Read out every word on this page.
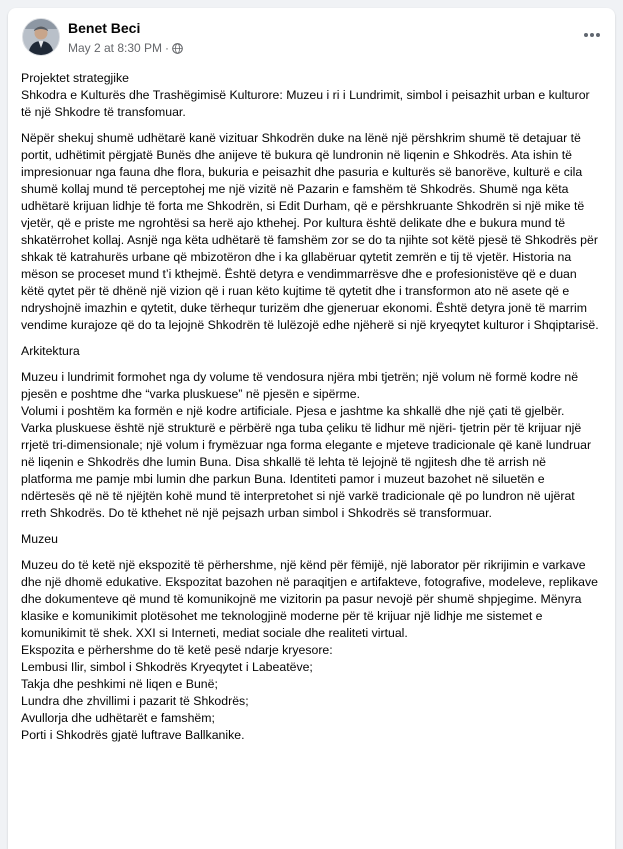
Benet Beci
May 2 at 8:30 PM ·

Projektet strategjike

Shkodra e Kulturës dhe Trashëgimisë Kulturore: Muzeu i ri i Lundrimit, simbol i peisazhit urban e kulturor të një Shkodre të transfomuar.

Nëpër shekuj shumë udhëtarë kanë vizituar Shkodrën duke na lënë një përshkrim shumë të detajuar të portit, udhëtimit përgjatë Bunës dhe anijeve të bukura që lundronin në liqenin e Shkodrës. Ata ishin të impresionuar nga fauna dhe flora, bukuria e peisazhit dhe pasuria e kulturës së banorëve, kulturë e cila shumë kollaj mund të perceptohej me një vizitë në Pazarin e famshëm të Shkodrës. Shumë nga këta udhëtarë krijuan lidhje të forta me Shkodrën, si Edit Durham, që e përshkruante Shkodrën si një mike të vjetër, që e priste me ngrohtësi sa herë ajo kthehej. Por kultura është delikate dhe e bukura mund të shkatërrohet kollaj. Asnjë nga këta udhëtarë të famshëm zor se do ta njihte sot këtë pjesë të Shkodrës për shkak të katrahurës urbane që mbizotëron dhe i ka gllabëruar qytetit zemrën e tij të vjetër. Historia na mëson se proceset mund t’i kthejmë. Është detyra e vendimmarrësve dhe e profesionistëve që e duan këtë qytet për të dhënë një vizion që i ruan këto kujtime të qytetit dhe i transformon ato në asete që e ndryshojnë imazhin e qytetit, duke tërhequr turizëm dhe gjeneruar ekonomi. Është detyra jonë të marrim vendime kurajoze që do ta lejojnë Shkodrën të lulëzojë edhe njëherë si një kryeqytet kulturor i Shqiptarisë.

Arkitektura

Muzeu i lundrimit formohet nga dy volume të vendosura njëra mbi tjetrën; një volum në formë kodre në pjesën e poshtme dhe “varka pluskuese” në pjesën e sipërme.

Volumi i poshtëm ka formën e një kodre artificiale. Pjesa e jashtme ka shkallë dhe një çati të gjelbër. Varka pluskuese është një strukturë e përbërë nga tuba çeliku të lidhur më njëri- tjetrin për të krijuar një rrjetë tri-dimensionale; një volum i frymëzuar nga forma elegante e mjeteve tradicionale që kanë lundruar në liqenin e Shkodrës dhe lumin Buna. Disa shkallë të lehta të lejojnë të ngjitesh dhe të arrish në platforma me pamje mbi lumin dhe parkun Buna. Identiteti pamor i muzeut bazohet në siluetën e ndërtesës që në të njëjtën kohë mund të interpretohet si një varkë tradicionale që po lundron në ujërat rreth Shkodrës. Do të kthehet në një pejsazh urban simbol i Shkodrës së transformuar.

Muzeu

Muzeu do të ketë një ekspozitë të përhershme, një kënd për fëmijë, një laborator për rikrijimin e varkave dhe një dhomë edukative. Ekspozitat bazohen në paraqitjen e artifakteve, fotografive, modeleve, replikave dhe dokumenteve që mund të komunikojnë me vizitorin pa pasur nevojë për shumë shpjegime. Mënyra klasike e komunikimit plotësohet me teknologjinë moderne për të krijuar një lidhje me sistemet e komunikimit të shek. XXI si Interneti, mediat sociale dhe realiteti virtual.

Ekspozita e përhershme do të ketë pesë ndarje kryesore:

Lembusi Ilir, simbol i Shkodrës Kryeqytet i Labeatëve;
Takja dhe peshkimi në liqen e Bunë;
Lundra dhe zhvillimi i pazarit të Shkodrës;
Avullorja dhe udhëtarët e famshëm;
Porti i Shkodrës gjatë luftrave Ballkanike.
